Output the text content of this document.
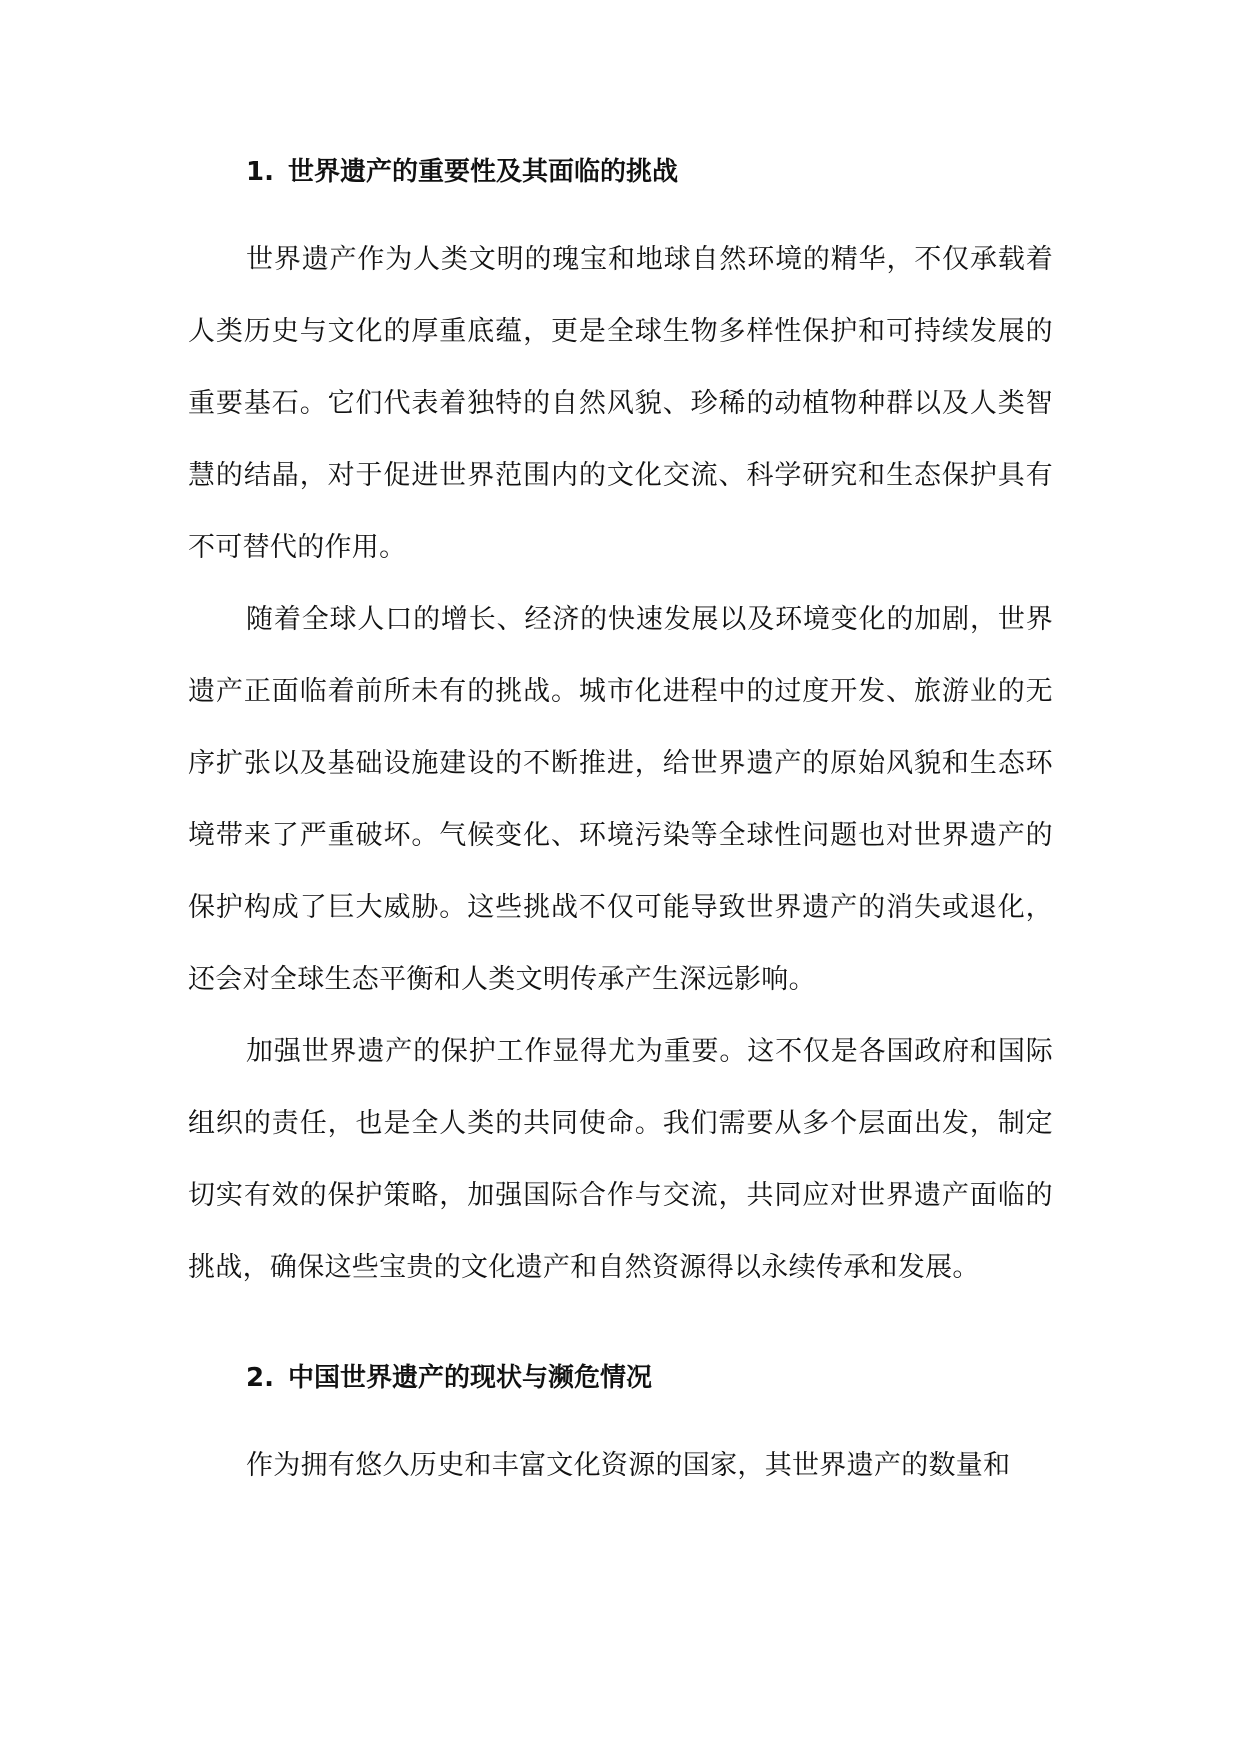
1. 世界遗产的重要性及其面临的挑战

世界遗产作为人类文明的瑰宝和地球自然环境的精华，不仅承载着人类历史与文化的厚重底蕴，更是全球生物多样性保护和可持续发展的重要基石。它们代表着独特的自然风貌、珍稀的动植物种群以及人类智慧的结晶，对于促进世界范围内的文化交流、科学研究和生态保护具有不可替代的作用。

随着全球人口的增长、经济的快速发展以及环境变化的加剧，世界遗产正面临着前所未有的挑战。城市化进程中的过度开发、旅游业的无序扩张以及基础设施建设的不断推进，给世界遗产的原始风貌和生态环境带来了严重破坏。气候变化、环境污染等全球性问题也对世界遗产的保护构成了巨大威胁。这些挑战不仅可能导致世界遗产的消失或退化，还会对全球生态平衡和人类文明传承产生深远影响。

加强世界遗产的保护工作显得尤为重要。这不仅是各国政府和国际组织的责任，也是全人类的共同使命。我们需要从多个层面出发，制定切实有效的保护策略，加强国际合作与交流，共同应对世界遗产面临的挑战，确保这些宝贵的文化遗产和自然资源得以永续传承和发展。

2. 中国世界遗产的现状与濒危情况

作为拥有悠久历史和丰富文化资源的国家，其世界遗产的数量和
